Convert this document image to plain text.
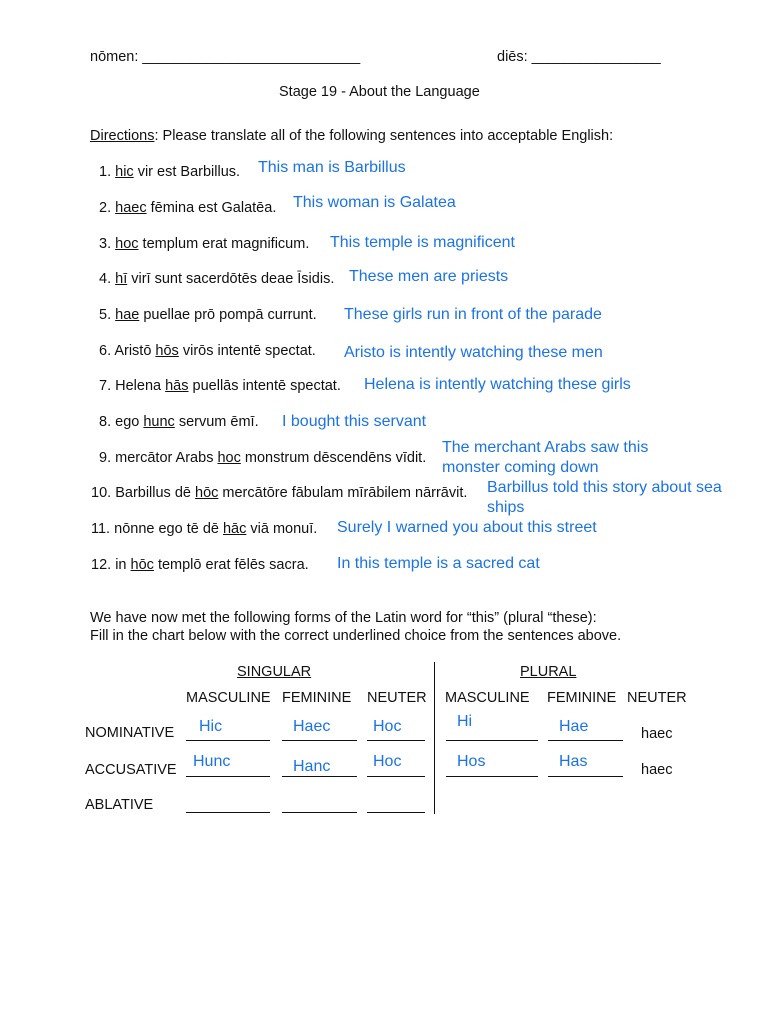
nōmen: ___________________________	diēs: ________________
Stage 19 - About the Language
Directions: Please translate all of the following sentences into acceptable English:
1. hic vir est Barbillus. This man is Barbillus
2. haec fēmina est Galatēa. This woman is Galatea
3. hoc templum erat magnificum. This temple is magnificent
4. hī virī sunt sacerdōtēs deae Īsidis. These men are priests
5. hae puellae prō pompā currunt. These girls run in front of the parade
6. Aristō hōs virōs intentē spectat. Aristo is intently watching these men
7. Helena hās puellās intentē spectat. Helena is intently watching these girls
8. ego hunc servum ēmī. I bought this servant
9. mercātor Arabs hoc monstrum dēscendēns vīdit.
The merchant Arabs saw this
monster coming down
10. Barbillus dē hōc mercātōre fābulam mīrābilem nārrāvit. Barbillus told this story about sea
ships
11. nōnne ego tē dē hāc viā monuī. Surely I warned you about this street
12. in hōc templō erat fēlēs sacra. In this temple is a sacred cat
We have now met the following forms of the Latin word for “this” (plural “these):
Fill in the chart below with the correct underlined choice from the sentences above.
SINGULAR	PLURAL
MASCULINE FEMININE NEUTER MASCULINE FEMININE NEUTER
NOMINATIVE Hic	Haec	Hoc	Hi	Hae	haec
ACCUSATIVE Hunc	Hanc	Hoc	Hos	Has	haec
ABLATIVE
